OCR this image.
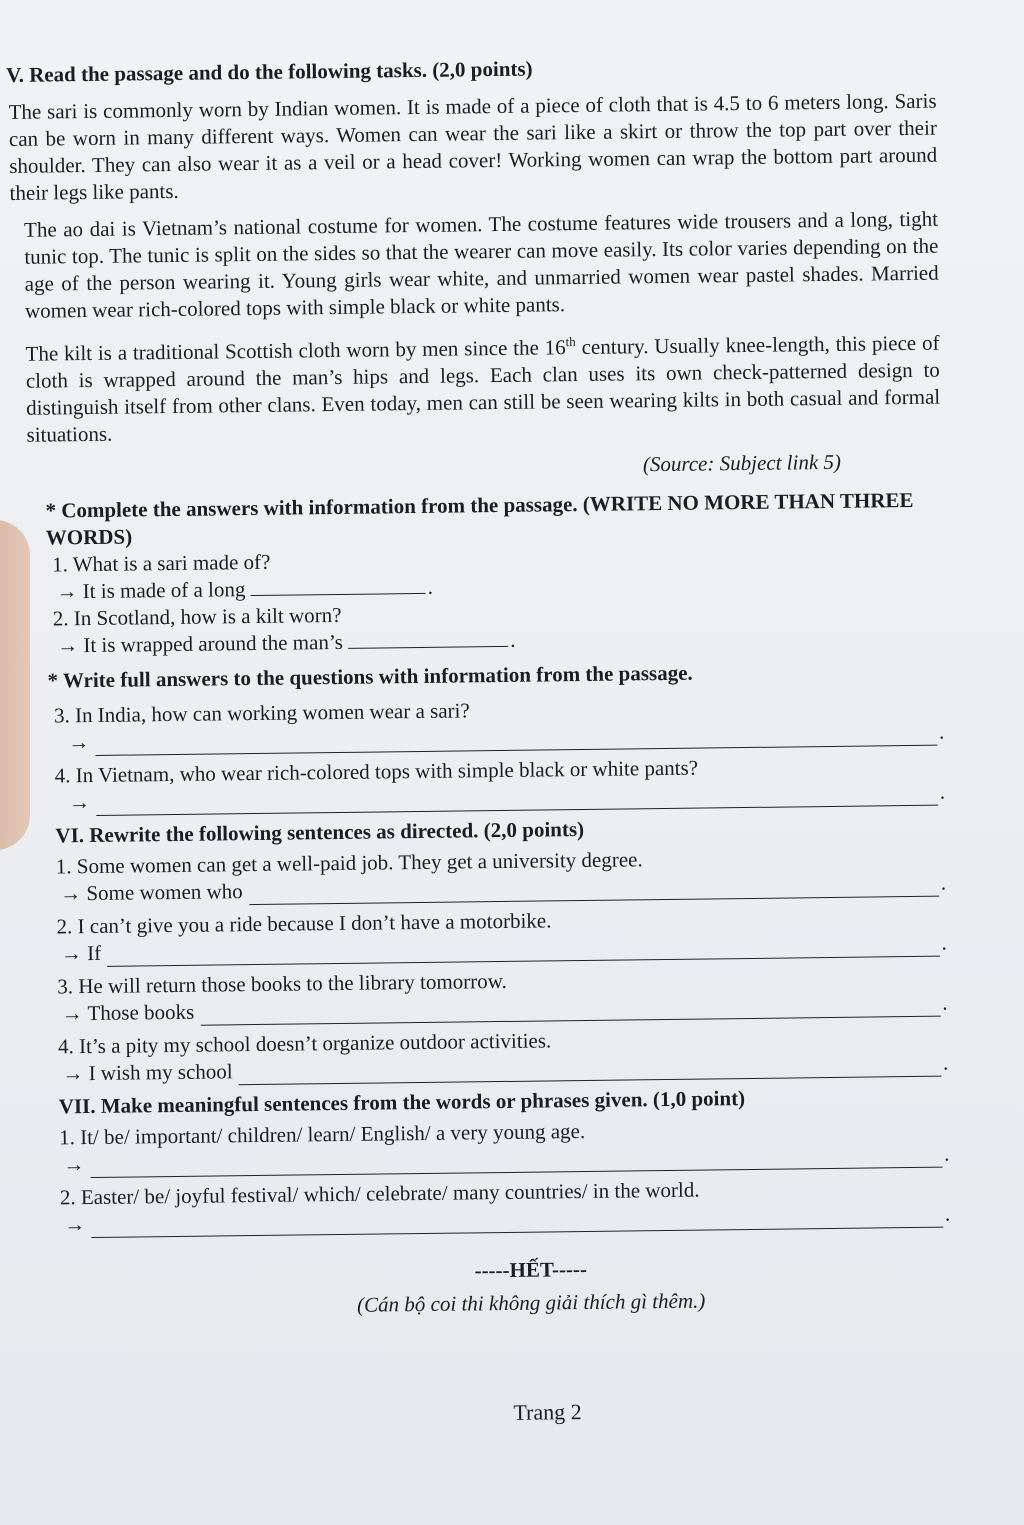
V. Read the passage and do the following tasks. (2,0 points)

The sari is commonly worn by Indian women. It is made of a piece of cloth that is 4.5 to 6 meters long. Saris can be worn in many different ways. Women can wear the sari like a skirt or throw the top part over their shoulder. They can also wear it as a veil or a head cover! Working women can wrap the bottom part around their legs like pants.

The ao dai is Vietnam’s national costume for women. The costume features wide trousers and a long, tight tunic top. The tunic is split on the sides so that the wearer can move easily. Its color varies depending on the age of the person wearing it. Young girls wear white, and unmarried women wear pastel shades. Married women wear rich-colored tops with simple black or white pants.

The kilt is a traditional Scottish cloth worn by men since the 16th century. Usually knee-length, this piece of cloth is wrapped around the man’s hips and legs. Each clan uses its own check-patterned design to distinguish itself from other clans. Even today, men can still be seen wearing kilts in both casual and formal situations.

(Source: Subject link 5)

* Complete the answers with information from the passage. (WRITE NO MORE THAN THREE WORDS)

1. What is a sari made of?

→ It is made of a long	.

2. In Scotland, how is a kilt worn?

→ It is wrapped around the man’s	.

* Write full answers to the questions with information from the passage.

3. In India, how can working women wear a sari?

→	.

4. In Vietnam, who wear rich-colored tops with simple black or white pants?

→	.

VI. Rewrite the following sentences as directed. (2,0 points)

1. Some women can get a well-paid job. They get a university degree.

→ Some women who	.

2. I can’t give you a ride because I don’t have a motorbike.

→ If	.

3. He will return those books to the library tomorrow.

→ Those books	.

4. It’s a pity my school doesn’t organize outdoor activities.

→ I wish my school	.

VII. Make meaningful sentences from the words or phrases given. (1,0 point)

1. It/ be/ important/ children/ learn/ English/ a very young age.

→	.

2. Easter/ be/ joyful festival/ which/ celebrate/ many countries/ in the world.

→	.

-----HẾT-----

(Cán bộ coi thi không giải thích gì thêm.)

Trang 2
